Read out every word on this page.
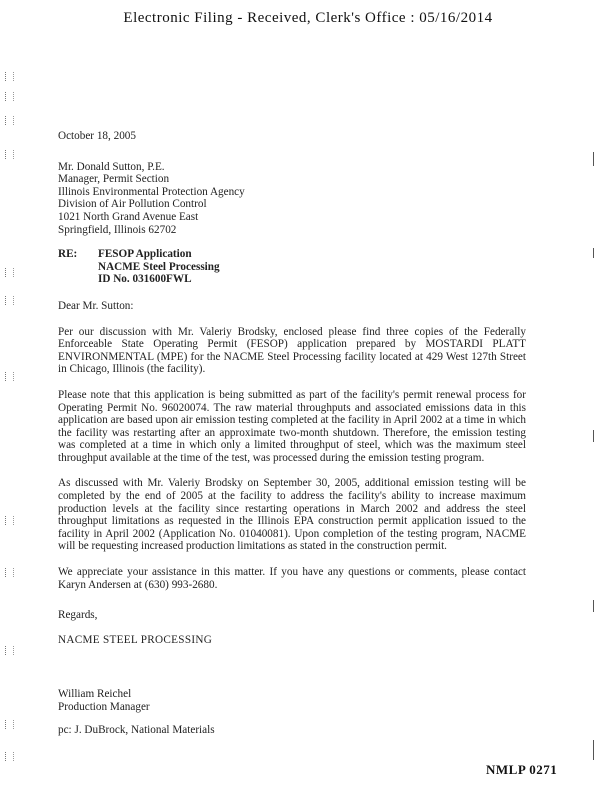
Electronic Filing - Received, Clerk's Office : 05/16/2014
October 18, 2005
Mr. Donald Sutton, P.E.
Manager, Permit Section
Illinois Environmental Protection Agency
Division of Air Pollution Control
1021 North Grand Avenue East
Springfield, Illinois 62702
RE:	FESOP Application
NACME Steel Processing
ID No. 031600FWL
Dear Mr. Sutton:

Per our discussion with Mr. Valeriy Brodsky, enclosed please find three copies of the Federally Enforceable State Operating Permit (FESOP) application prepared by MOSTARDI PLATT ENVIRONMENTAL (MPE) for the NACME Steel Processing facility located at 429 West 127th Street in Chicago, Illinois (the facility).

Please note that this application is being submitted as part of the facility's permit renewal process for Operating Permit No. 96020074. The raw material throughputs and associated emissions data in this application are based upon air emission testing completed at the facility in April 2002 at a time in which the facility was restarting after an approximate two-month shutdown. Therefore, the emission testing was completed at a time in which only a limited throughput of steel, which was the maximum steel throughput available at the time of the test, was processed during the emission testing program.

As discussed with Mr. Valeriy Brodsky on September 30, 2005, additional emission testing will be completed by the end of 2005 at the facility to address the facility's ability to increase maximum production levels at the facility since restarting operations in March 2002 and address the steel throughput limitations as requested in the Illinois EPA construction permit application issued to the facility in April 2002 (Application No. 01040081). Upon completion of the testing program, NACME will be requesting increased production limitations as stated in the construction permit.

We appreciate your assistance in this matter. If you have any questions or comments, please contact Karyn Andersen at (630) 993-2680.

Regards,
NACME STEEL PROCESSING
William Reichel
Production Manager
pc: J. DuBrock, National Materials
NMLP 0271
